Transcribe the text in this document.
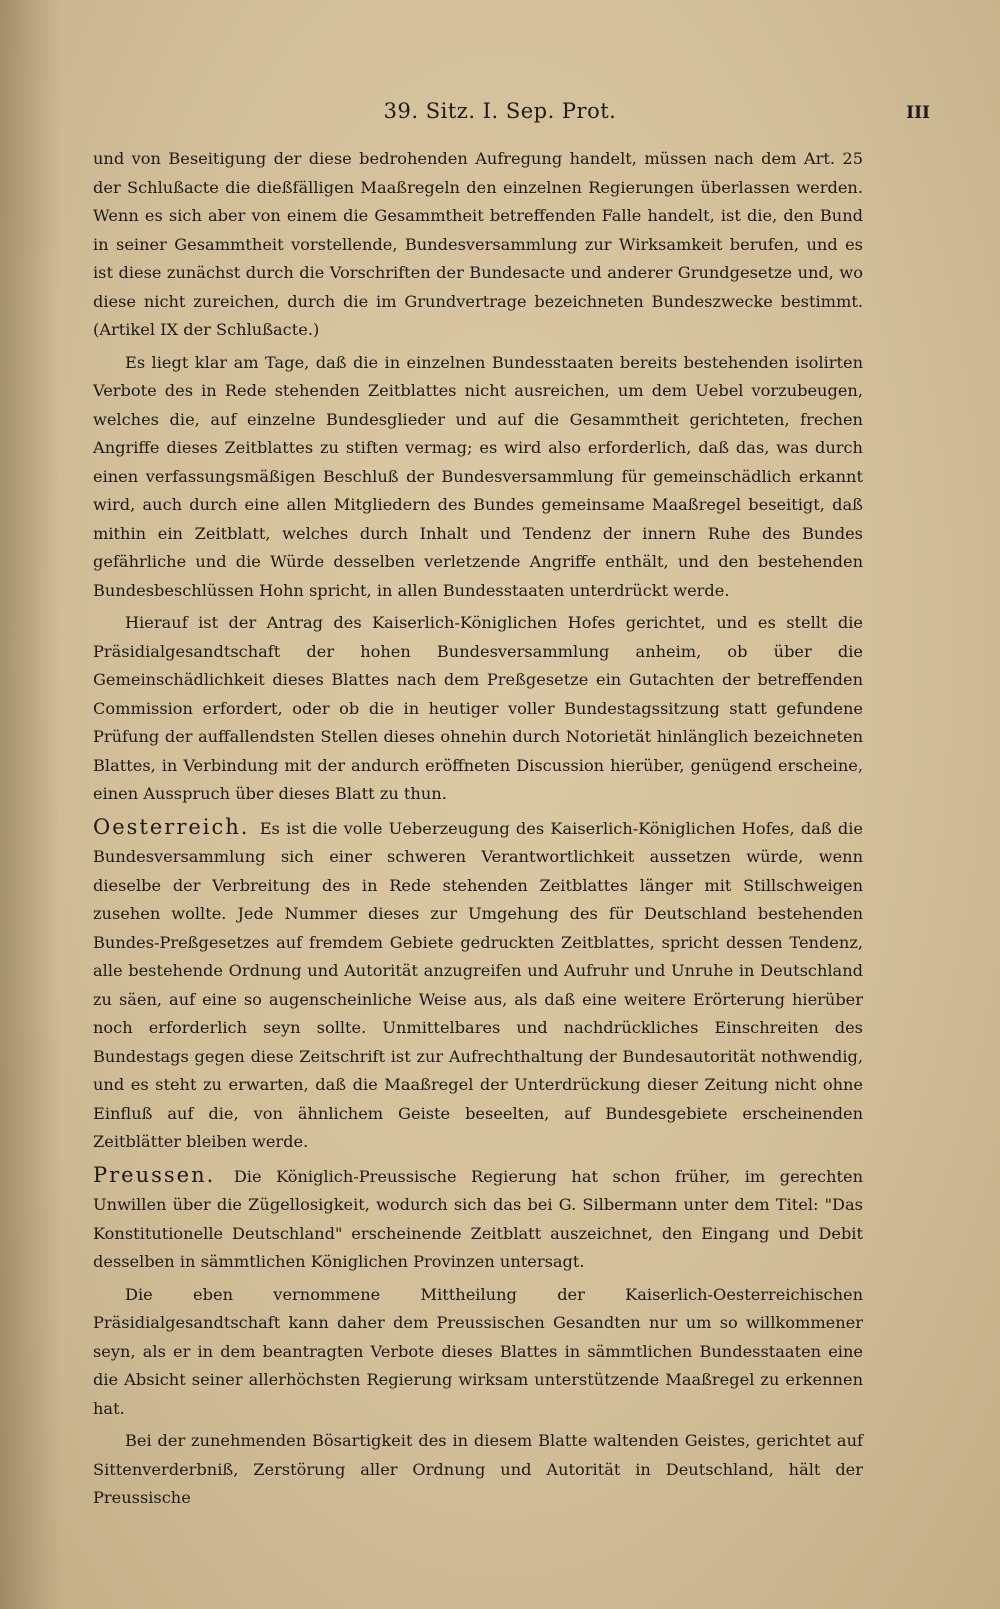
39. Sitz. I. Sep. Prot.	III

und von Beseitigung der diese bedrohenden Aufregung handelt, müssen nach dem Art. 25 der Schlußacte die dießfälligen Maaßregeln den einzelnen Regierungen überlassen werden. Wenn es sich aber von einem die Gesammtheit betreffenden Falle handelt, ist die, den Bund in seiner Gesammtheit vorstellende, Bundesversammlung zur Wirksamkeit berufen, und es ist diese zunächst durch die Vorschriften der Bundesacte und anderer Grundgesetze und, wo diese nicht zureichen, durch die im Grundvertrage bezeichneten Bundeszwecke bestimmt. (Artikel IX der Schlußacte.)

Es liegt klar am Tage, daß die in einzelnen Bundesstaaten bereits bestehenden isolirten Verbote des in Rede stehenden Zeitblattes nicht ausreichen, um dem Uebel vorzubeugen, welches die, auf einzelne Bundesglieder und auf die Gesammtheit gerichteten, frechen Angriffe dieses Zeitblattes zu stiften vermag; es wird also erforderlich, daß das, was durch einen verfassungsmäßigen Beschluß der Bundesversammlung für gemeinschädlich erkannt wird, auch durch eine allen Mitgliedern des Bundes gemeinsame Maaßregel beseitigt, daß mithin ein Zeitblatt, welches durch Inhalt und Tendenz der innern Ruhe des Bundes gefährliche und die Würde desselben verletzende Angriffe enthält, und den bestehenden Bundesbeschlüssen Hohn spricht, in allen Bundesstaaten unterdrückt werde.

Hierauf ist der Antrag des Kaiserlich-Königlichen Hofes gerichtet, und es stellt die Präsidialgesandtschaft der hohen Bundesversammlung anheim, ob über die Gemeinschädlichkeit dieses Blattes nach dem Preßgesetze ein Gutachten der betreffenden Commission erfordert, oder ob die in heutiger voller Bundestagssitzung statt gefundene Prüfung der auffallendsten Stellen dieses ohnehin durch Notorietät hinlänglich bezeichneten Blattes, in Verbindung mit der andurch eröffneten Discussion hierüber, genügend erscheine, einen Ausspruch über dieses Blatt zu thun.

Oesterreich. Es ist die volle Ueberzeugung des Kaiserlich-Königlichen Hofes, daß die Bundesversammlung sich einer schweren Verantwortlichkeit aussetzen würde, wenn dieselbe der Verbreitung des in Rede stehenden Zeitblattes länger mit Stillschweigen zusehen wollte. Jede Nummer dieses zur Umgehung des für Deutschland bestehenden Bundes-Preßgesetzes auf fremdem Gebiete gedruckten Zeitblattes, spricht dessen Tendenz, alle bestehende Ordnung und Autorität anzugreifen und Aufruhr und Unruhe in Deutschland zu säen, auf eine so augenscheinliche Weise aus, als daß eine weitere Erörterung hierüber noch erforderlich seyn sollte. Unmittelbares und nachdrückliches Einschreiten des Bundestags gegen diese Zeitschrift ist zur Aufrechthaltung der Bundesautorität nothwendig, und es steht zu erwarten, daß die Maaßregel der Unterdrückung dieser Zeitung nicht ohne Einfluß auf die, von ähnlichem Geiste beseelten, auf Bundesgebiete erscheinenden Zeitblätter bleiben werde.

Preussen. Die Königlich-Preussische Regierung hat schon früher, im gerechten Unwillen über die Zügellosigkeit, wodurch sich das bei G. Silbermann unter dem Titel: "Das Konstitutionelle Deutschland" erscheinende Zeitblatt auszeichnet, den Eingang und Debit desselben in sämmtlichen Königlichen Provinzen untersagt.

Die eben vernommene Mittheilung der Kaiserlich-Oesterreichischen Präsidialgesandtschaft kann daher dem Preussischen Gesandten nur um so willkommener seyn, als er in dem beantragten Verbote dieses Blattes in sämmtlichen Bundesstaaten eine die Absicht seiner allerhöchsten Regierung wirksam unterstützende Maaßregel zu erkennen hat.

Bei der zunehmenden Bösartigkeit des in diesem Blatte waltenden Geistes, gerichtet auf Sittenverderbniß, Zerstörung aller Ordnung und Autorität in Deutschland, hält der Preussische
